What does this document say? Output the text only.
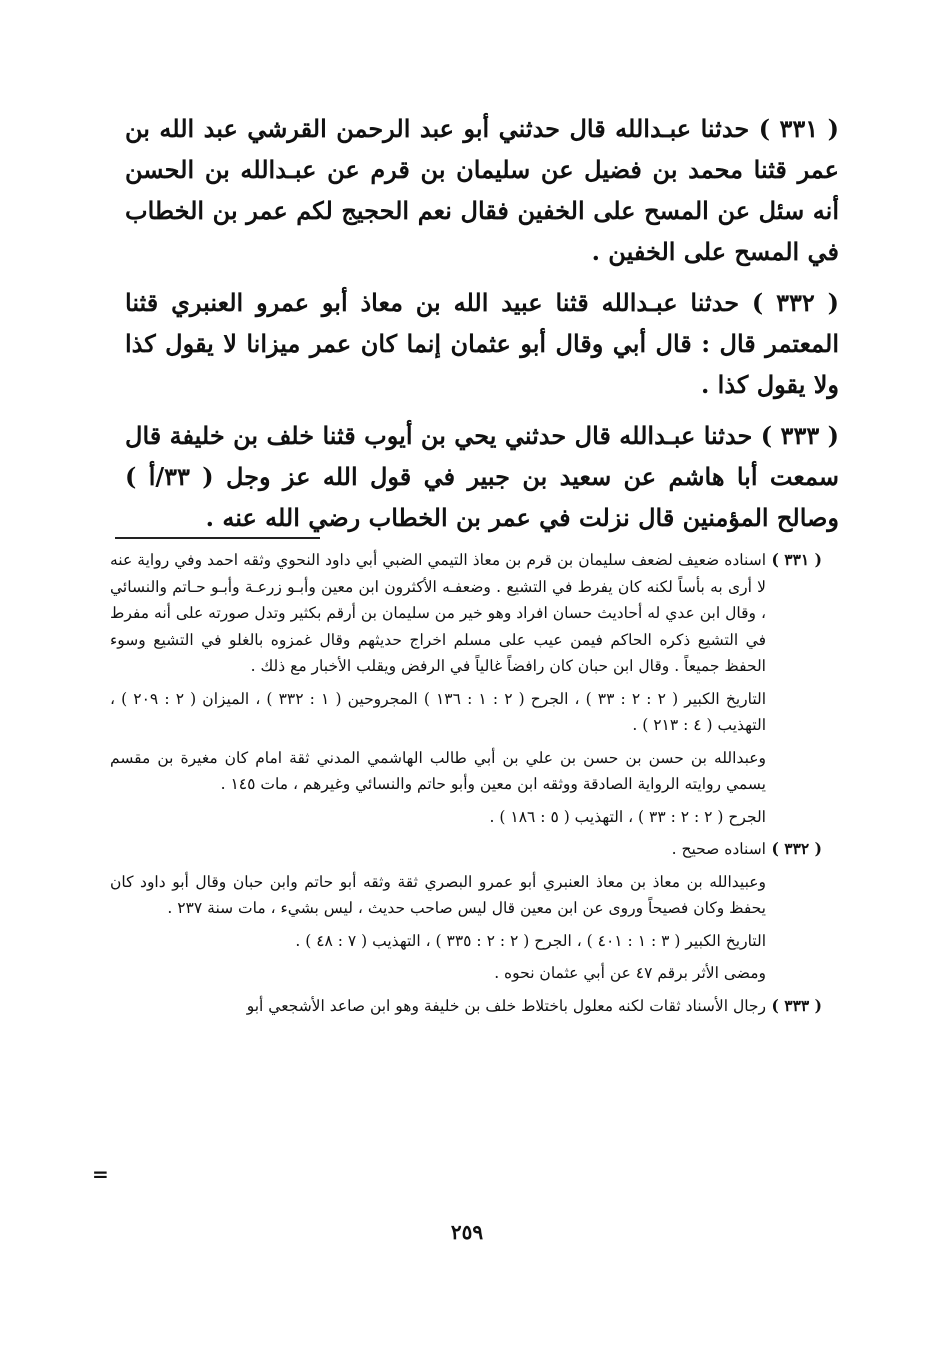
( ٣٣١ ) حدثنا عبـدالله قال حدثني أبو عبد الرحمن القرشي عبد الله بن عمر قثنا محمد بن فضيل عن سليمان بن قرم عن عبـدالله بن الحسن أنه سئل عن المسح على الخفين فقال نعم الحجيج لكم عمر بن الخطاب في المسح على الخفين .

( ٣٣٢ ) حدثنا عبـدالله قثنا عبيد الله بن معاذ أبو عمرو العنبري قثنا المعتمر قال : قال أبي وقال أبو عثمان إنما كان عمر ميزانا لا يقول كذا ولا يقول كذا .

( ٣٣٣ ) حدثنا عبـدالله قال حدثني يحي بن أيوب قثنا خلف بن خليفة قال سمعت أبا هاشم عن سعيد بن جبير في قول الله عز وجل ( ٣٣/أ ) وصالح المؤمنين قال نزلت في عمر بن الخطاب رضي الله عنه .

( ٣٣١ )

اسناده ضعيف لضعف سليمان بن قرم بن معاذ التيمي الضبي أبي داود النحوي وثقه احمد وفي رواية عنه لا أرى به بأساً لكنه كان يفرط في التشيع . وضعفـه الأكثرون ابن معين وأبـو زرعـة وأبـو حـاتم والنسائي ، وقال ابن عدي له أحاديث حسان افراد وهو خير من سليمان بن أرقم بكثير وتدل صورته على أنه مفرط في التشيع ذكره الحاكم فيمن عيب على مسلم اخراج حديثهم وقال غمزوه بالغلو في التشيع وسوء الحفظ جميعاً . وقال ابن حبان كان رافضاً غالياً في الرفض ويقلب الأخبار مع ذلك .

التاريخ الكبير ( ٢ : ٢ : ٣٣ ) ، الجرح ( ٢ : ١ : ١٣٦ ) المجروحين ( ١ : ٣٣٢ ) ، الميزان ( ٢ : ٢٠٩ ) ، التهذيب ( ٤ : ٢١٣ ) .

وعبدالله بن حسن بن حسن بن علي بن أبي طالب الهاشمي المدني ثقة امام كان مغيرة بن مقسم يسمي روايته الرواية الصادقة ووثقه ابن معين وأبو حاتم والنسائي وغيرهم ، مات ١٤٥ .

الجرح ( ٢ : ٢ : ٣٣ ) ، التهذيب ( ٥ : ١٨٦ ) .

( ٣٣٢ )
اسناده صحيح .

وعبيدالله بن معاذ بن معاذ العنبري أبو عمرو البصري ثقة وثقه أبو حاتم وابن حبان وقال أبو داود كان يحفظ وكان فصيحاً وروى عن ابن معين قال ليس صاحب حديث ، ليس بشيء ، مات سنة ٢٣٧ .

التاريخ الكبير ( ٣ : ١ : ٤٠١ ) ، الجرح ( ٢ : ٢ : ٣٣٥ ) ، التهذيب ( ٧ : ٤٨ ) .

ومضى الأثر برقم ٤٧ عن أبي عثمان نحوه .

( ٣٣٣ )
رجال الأسناد ثقات لكنه معلول باختلاط خلف بن خليفة وهو ابن صاعد الأشجعي أبو
=
٢٥٩
